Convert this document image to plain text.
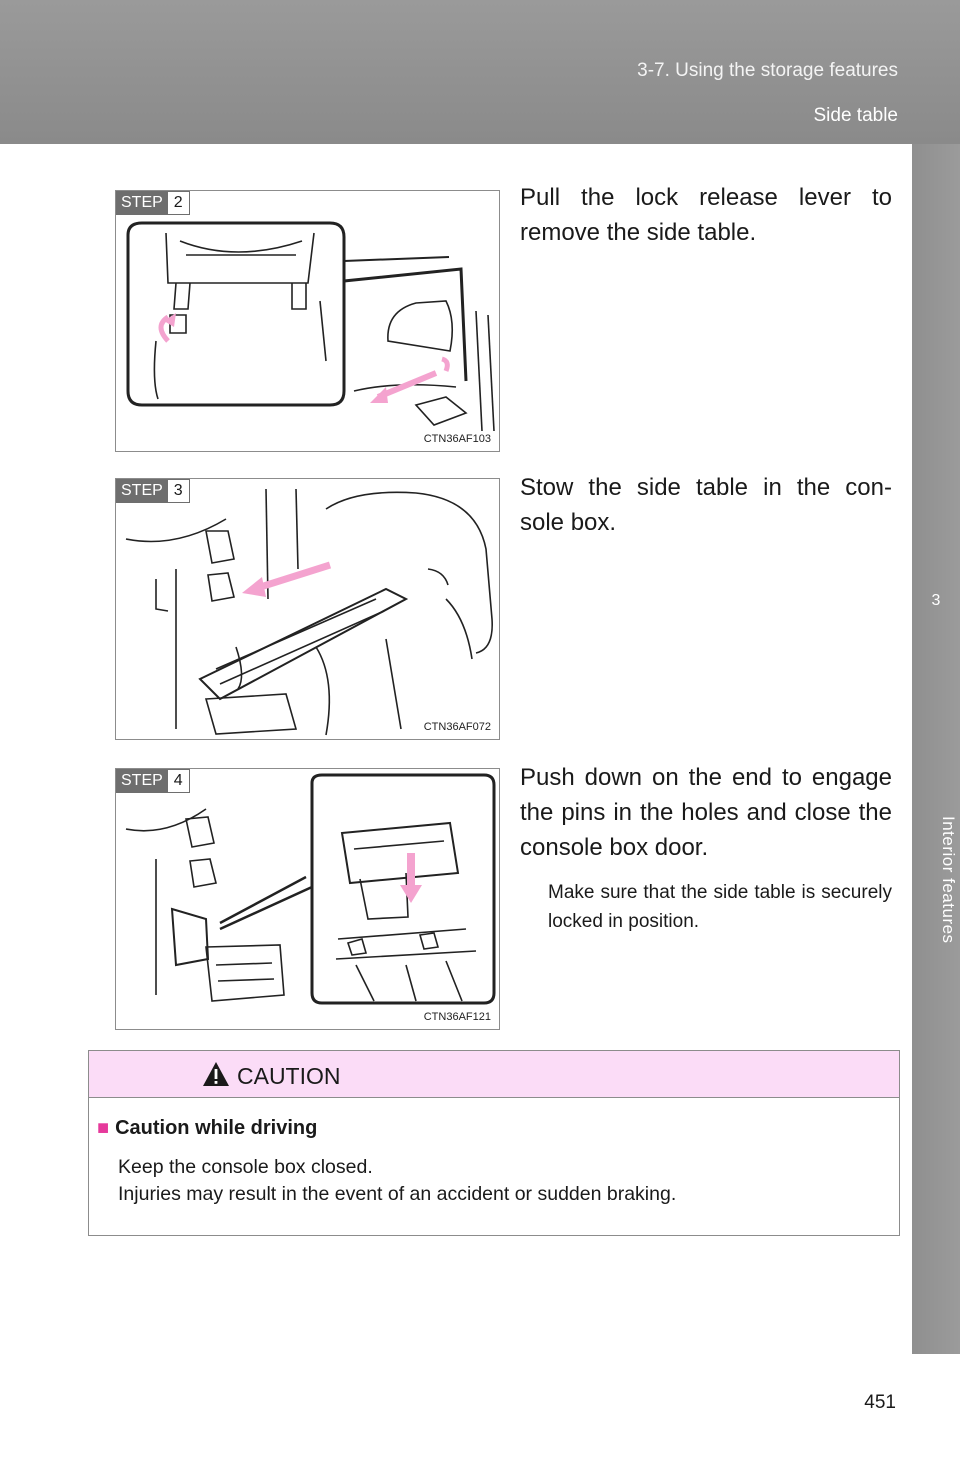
3-7. Using the storage features
Side table
3
Interior features
STEP 2
CTN36AF103
Pull the lock release lever to remove the side table.
STEP 3
CTN36AF072
Stow the side table in the con- sole box.
STEP 4
CTN36AF121
Push down on the end to engage the pins in the holes and close the console box door.
Make sure that the side table is securely locked in position.
CAUTION
■ Caution while driving
Keep the console box closed.
Injuries may result in the event of an accident or sudden braking.
451
